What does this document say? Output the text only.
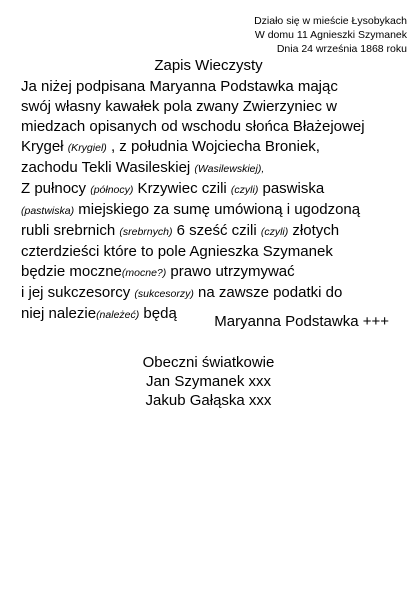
Działo się w mieście Łysobykach
W domu 11 Agnieszki Szymanek
Dnia 24 września 1868 roku
Zapis Wieczysty
Ja niżej podpisana Maryanna Podstawka mając
swój własny kawałek pola zwany Zwierzyniec w
miedzach opisanych od wschodu słońca Błażejowej
Krygeł (Krygiel) , z południa Wojciecha Broniek,
zachodu Tekli Wasileskiej (Wasilewskiej),
Z pułnocy (północy) Krzywiec czili (czyli) paswiska
(pastwiska) miejskiego za sumę umówioną i ugodzoną
rubli srebrnich (srebrnych) 6 sześć czili (czyli) złotych
czterdzieści które to pole Agnieszka Szymanek
będzie moczne(mocne?) prawo utrzymywać
i jej sukczesorcy (sukcesorzy) na zawsze podatki do
niej nalezie(należeć) będą	Maryanna Podstawka +++
Obeczni światkowie
Jan Szymanek xxx
Jakub Gałąska xxx
